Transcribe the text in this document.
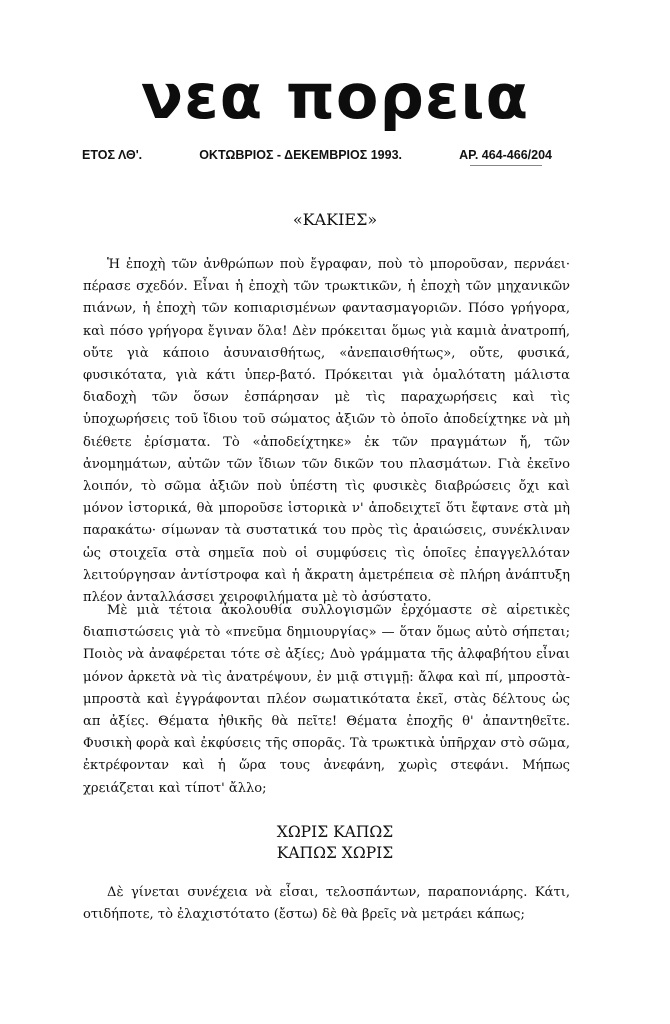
νεα πορεια
ΕΤΟΣ ΛΘ'.	ΟΚΤΩΒΡΙΟΣ - ΔΕΚΕΜΒΡΙΟΣ 1993.	ΑΡ. 464-466/204
«ΚΑΚΙΕΣ»

Ἡ ἐποχὴ τῶν ἀνθρώπων ποὺ ἔγραφαν, ποὺ τὸ μποροῦσαν, περνάει· πέρασε σχεδόν. Εἶναι ἡ ἐποχὴ τῶν τρωκτικῶν, ἡ ἐποχὴ τῶν μηχανικῶν πιάνων, ἡ ἐποχὴ τῶν κοπιαρισμένων φαντασμαγοριῶν. Πόσο γρήγορα, καὶ πόσο γρήγορα ἔγιναν ὅλα! Δὲν πρόκειται ὅμως γιὰ καμιὰ ἀνατροπή, οὔτε γιὰ κάποιο ἀσυναισθήτως, «ἀνεπαισθήτως», οὔτε, φυσικά, φυσικότατα, γιὰ κάτι ὑπερ-βατό. Πρόκειται γιὰ ὁμαλότατη μάλιστα διαδοχὴ τῶν ὅσων ἐσπάρησαν μὲ τὶς παραχωρήσεις καὶ τὶς ὑποχωρήσεις τοῦ ἴδιου τοῦ σώματος ἀξιῶν τὸ ὁποῖο ἀποδείχτηκε νὰ μὴ διέθετε ἐρίσματα. Τὸ «ἀποδείχτηκε» ἐκ τῶν πραγμάτων ἤ, τῶν ἀνομημάτων, αὐτῶν τῶν ἴδιων τῶν δικῶν του πλασμάτων. Γιὰ ἐκεῖνο λοιπόν, τὸ σῶμα ἀξιῶν ποὺ ὑπέστη τὶς φυσικὲς διαβρώσεις ὄχι καὶ μόνον ἱστορικά, θὰ μποροῦσε ἱστορικὰ ν' ἀποδειχτεῖ ὅτι ἔφτανε στὰ μὴ παρακάτω· σίμωναν τὰ συστατικά του πρὸς τὶς ἀραιώσεις, συνέκλιναν ὡς στοιχεῖα στὰ σημεῖα ποὺ οἱ συμφύσεις τὶς ὁποῖες ἐπαγγελλόταν λειτούργησαν ἀντίστροφα καὶ ἡ ἄκρατη ἀμετρέπεια σὲ πλήρη ἀνάπτυξη πλέον ἀνταλλάσσει χειροφιλήματα μὲ τὸ ἀσύστατο.

Μὲ μιὰ τέτοια ἀκολουθία συλλογισμῶν ἐρχόμαστε σὲ αἱρετικὲς διαπιστώσεις γιὰ τὸ «πνεῦμα δημιουργίας» — ὅταν ὅμως αὐτὸ σήπεται; Ποιὸς νὰ ἀναφέρεται τότε σὲ ἀξίες; Δυὸ γράμματα τῆς ἀλφαβήτου εἶναι μόνον ἀρκετὰ νὰ τὶς ἀνατρέψουν, ἐν μιᾷ στιγμῇ: ἄλφα καὶ πί, μπροστὰ-μπροστὰ καὶ ἐγγράφονται πλέον σωματικότατα ἐκεῖ, στὰς δέλτους ὡς απ ἀξίες. Θέματα ἠθικῆς θὰ πεῖτε! Θέματα ἐποχῆς θ' ἀπαντηθεῖτε. Φυσικὴ φορὰ καὶ ἐκφύσεις τῆς σπορᾶς. Τὰ τρωκτικὰ ὑπῆρχαν στὸ σῶμα, ἐκτρέφονταν καὶ ἡ ὥρα τους ἀνεφάνη, χωρὶς στεφάνι. Μήπως χρειάζεται καὶ τίποτ' ἄλλο;

ΧΩΡΙΣ ΚΑΠΩΣ
ΚΑΠΩΣ ΧΩΡΙΣ

Δὲ γίνεται συνέχεια νὰ εἶσαι, τελοσπάντων, παραπονιάρης. Κάτι, οτιδήποτε, τὸ ἐλαχιστότατο (ἔστω) δὲ θὰ βρεῖς νὰ μετράει κάπως;
